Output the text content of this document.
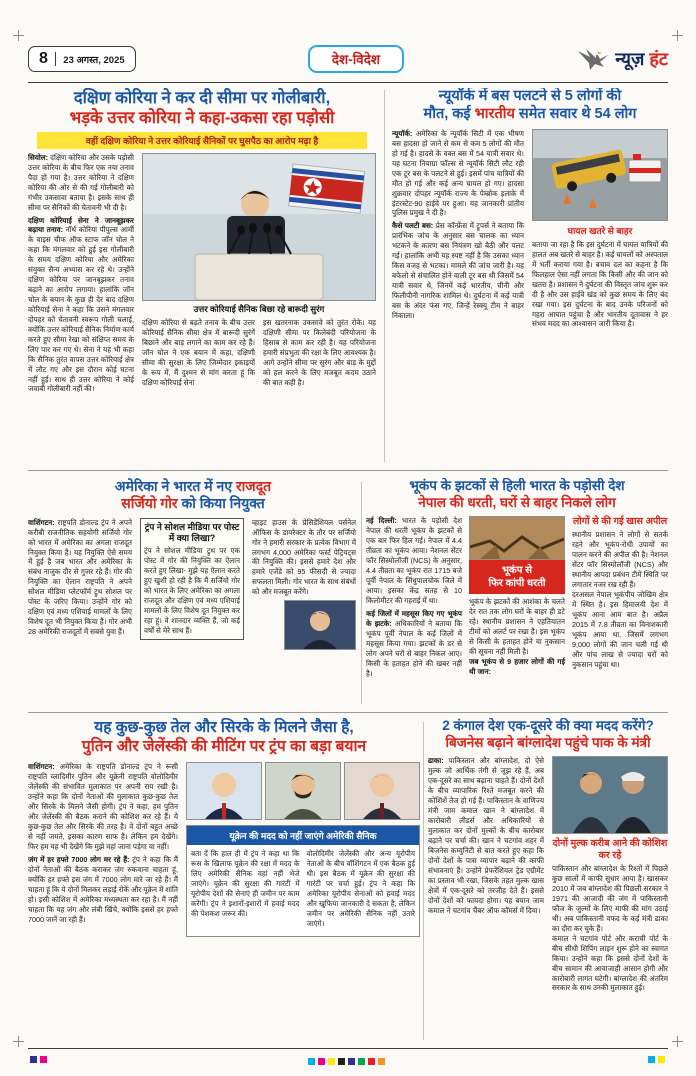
8 23 अगस्त, 2025	देश-विदेश	न्यूज़ हंट
दक्षिण कोरिया ने कर दी सीमा पर गोलीबारी,
भड़के उत्तर कोरिया ने कहा-उकसा रहा पड़ोसी
वहीं दक्षिण कोरिया ने उत्तर कोरियाई सैनिकों पर घुसपैठ का आरोप मढ़ा है

सियोल: दक्षिण कोरिया और उसके पड़ोसी उत्तर कोरिया के बीच फिर एक नया तनाव पैदा हो गया है। उत्तर कोरिया ने दक्षिण कोरिया की ओर से की गई गोलीबारी को गंभीर उकसावा बताया है। इसके साथ ही सीमा पर सैनिकों की चेतावनी भी दी है।

दक्षिण कोरियाई सेना ने जानबूझकर बढ़ाया तनाव: नॉर्थ कोरिया पीपुल्स आर्मी के वाइस चीफ ऑफ स्टाफ जॉन चोल ने कहा कि मंगलवार को हुई इस गोलीबारी के समय दक्षिण कोरिया और अमेरिका संयुक्त सैन्य अभ्यास कर रहे थे। उन्होंने दक्षिण कोरिया पर जानबूझकर तनाव बढ़ाने का आरोप लगाया। हालांकि जॉन चोल के बयान के कुछ ही देर बाद दक्षिण कोरियाई सेना ने कहा कि उसने मंगलवार दोपहर को चेतावनी स्वरूप गोली चलाई, क्योंकि उत्तर कोरियाई सैनिक निर्माण कार्य करते हुए सीमा रेखा को संक्षिप्त समय के लिए पार कर गए थे। सेना ने यह भी कहा कि सैनिक तुरंत वापस उत्तर कोरियाई क्षेत्र में लौट गए और इस दौरान कोई घटना नहीं हुई। साथ ही उत्तर कोरिया ने कोई जवाबी गोलीबारी नहीं की।

उत्तर कोरियाई सैनिक बिछा रहे बारूदी सुरंग

दक्षिण कोरिया से बढ़ते तनाव के बीच उत्तर कोरियाई सैनिक सीमा क्षेत्र में बारूदी सुरंगें बिछाने और बाड़ लगाने का काम कर रहे हैं। जॉन चोल ने एक बयान में कहा, दक्षिणी सीमा की सुरक्षा के लिए जिम्मेदार इकाइयों के रूप में, मैं दुश्मन से मांग करता हूं कि दक्षिण कोरियाई सेना

इस खतरनाक उकसावे को तुरंत रोके। यह दक्षिणी सीमा पर किलेबंदी परियोजना के हिसाब से काम कर रही है। यह परियोजना हमारी संप्रभुता की रक्षा के लिए आवश्यक है। आगे उन्होंने सीमा पर सुरंग और बाड़ के मुद्दों को हल करने के लिए मजबूत कदम उठाने की बात कही है।

न्यूयॉर्क में बस पलटने से 5 लोगों की
मौत, कई भारतीय समेत सवार थे 54 लोग

न्यूयॉर्क: अमेरिका के न्यूयॉर्क सिटी में एक भीषण बस हादसा हो जाने से कम से कम 5 लोगों की मौत हो गई है। हादसे के वक्त बस में 54 यात्री सवार थे। यह घटना नियाग्रा फॉल्स से न्यूयॉर्क सिटी लौट रही एक टूर बस के पलटने से हुई। इसमें पांच यात्रियों की मौत हो गई और कई अन्य घायल हो गए। हादसा शुक्रवार दोपहर न्यूयॉर्क राज्य के पेम्ब्रोक इलाके में इंटरस्टेट-90 हाईवे पर हुआ। यह जानकारी प्रांतीय पुलिस प्रमुख ने दी है।

कैसे पलटी बस: प्रेस कॉन्फ्रेंस में ट्रूपर्स ने बताया कि प्रारंभिक जांच के अनुसार बस चालक का ध्यान भटकने के कारण बस नियंत्रण खो बैठी और पलट गई। हालांकि अभी यह स्पष्ट नहीं है कि उसका ध्यान किस वजह से भटका। मामले की जांच जारी है। यह बफेलो से संचालित होने वाली टूर बस थी जिसमें 54 यात्री सवार थे, जिनमें कई भारतीय, चीनी और फिलीपीनी नागरिक शामिल थे। दुर्घटना में कई यात्री बस के अंदर फंस गए, जिन्हें रेस्क्यू टीम ने बाहर निकाला।

घायल खतरे से बाहर

बताया जा रहा है कि इस दुर्घटना में घायल यात्रियों की हालत अब खतरे से बाहर है। कई घायलों को अस्पताल में भर्ती कराया गया है। बचाव दल का कहना है कि फिलहाल ऐसा नहीं लगता कि किसी और की जान को खतरा है। प्रशासन ने दुर्घटना की विस्तृत जांच शुरू कर दी है और उस हाईवे खंड को कुछ समय के लिए बंद रखा गया। इस दुर्घटना के बाद उनके परिजनों को गहरा आघात पहुंचा है और भारतीय दूतावास ने हर संभव मदद का आश्वासन जारी किया है।

अमेरिका ने भारत में नए राजदूत
सर्जियो गोर को किया नियुक्त

वाशिंगटन: राष्ट्रपति डोनाल्ड ट्रंप ने अपने करीबी राजनीतिक सहयोगी सर्जियो गोर को भारत में अमेरिका का अगला राजदूत नियुक्त किया है। यह नियुक्ति ऐसे समय में हुई है जब भारत और अमेरिका के संबंध नाजुक दौर से गुजर रहे हैं। गोर की नियुक्ति का ऐलान राष्ट्रपति ने अपने सोशल मीडिया प्लेटफॉर्म ट्रुथ सोशल पर पोस्ट के जरिए किया। उन्होंने गोर को दक्षिण एवं मध्य एशियाई मामलों के लिए विशेष दूत भी नियुक्त किया है। गोर अभी 28 अमेरिकी राजदूतों में सबसे युवा हैं।

ट्रंप ने सोशल मीडिया पर पोस्ट में क्या लिखा?

ट्रंप ने सोशल मीडिया ट्रुथ पर एक पोस्ट में गोर की नियुक्ति का ऐलान करते हुए लिखा- मुझे यह ऐलान करते हुए खुशी हो रही है कि मैं सर्जियो गोर को भारत के लिए अमेरिका का अगला राजदूत और दक्षिण एवं मध्य एशियाई मामलों के लिए विशेष दूत नियुक्त कर रहा हूं। वे शानदार व्यक्ति हैं, जो कई वर्षों से मेरे साथ हैं।

व्हाइट हाउस के प्रेसिडेंशियल पर्सनेल ऑफिस के डायरेक्टर के तौर पर सर्जियो गोर ने हमारी सरकार के प्रत्येक विभाग में लगभग 4,000 अमेरिका फर्स्ट पेट्रियट्स की नियुक्ति की। इससे हमारे देश और हमारे एजेंडे को 95 फीसदी से ज्यादा सफलता मिली। गोर भारत के साथ संबंधों को और मजबूत करेंगे।

भूकंप के झटकों से हिली भारत के पड़ोसी देश
नेपाल की धरती, घरों से बाहर निकले लोग

नई दिल्ली: भारत के पड़ोसी देश नेपाल की धरती भूकंप के झटकों से एक बार फिर हिल गई। नेपाल में 4.4 तीव्रता का भूकंप आया। नेशनल सेंटर फॉर सिस्मोलॉजी (NCS) के अनुसार, 4.4 तीव्रता का भूकंप रात 1715 बजे पूर्वी नेपाल के सिंधुपालचोक जिले में आया। इसका केंद्र सतह से 10 किलोमीटर की गहराई में था।

कई जिलों में महसूस किए गए भूकंप के झटके: अधिकारियों ने बताया कि भूकंप पूर्वी नेपाल के कई जिलों में महसूस किया गया। झटकों के डर से लोग अपने घरों से बाहर निकल आए। किसी के हताहत होने की खबर नहीं है।

भूकंप से
फिर कांपी धरती

भूकंप के झटकों की आशंका के चलते देर रात तक लोग घरों के बाहर ही डटे रहे। स्थानीय प्रशासन ने एहतियातन टीमों को अलर्ट पर रखा है। इस भूकंप से किसी के हताहत होने या नुकसान की सूचना नहीं मिली है।

जब भूकंप से 9 हजार लोगों की गई थी जान:

लोगों से की गई खास अपील

स्थानीय प्रशासन ने लोगों से सतर्क रहने और भूकंप-रोधी उपायों का पालन करने की अपील की है। नेशनल सेंटर फॉर सिस्मोलॉजी (NCS) और स्थानीय आपदा प्रबंधन टीमें स्थिति पर लगातार नजर रख रही हैं।

दरअसल नेपाल भूकंपीय जोखिम क्षेत्र में स्थित है। इस हिमालयी देश में भूकंप आना आम बात है। अप्रैल 2015 में 7.8 तीव्रता का विनाशकारी भूकंप आया था, जिसमें लगभग 9,000 लोगों की जान चली गई थी और पांच लाख से ज्यादा घरों को नुकसान पहुंचा था।

यह कुछ-कुछ तेल और सिरके के मिलने जैसा है,
पुतिन और जेलेंस्की की मीटिंग पर ट्रंप का बड़ा बयान

वाशिंगटन: अमेरिका के राष्ट्रपति डोनाल्ड ट्रंप ने रूसी राष्ट्रपति व्लादिमीर पुतिन और यूक्रेनी राष्ट्रपति वोलोदिमीर जेलेंस्की की संभावित मुलाकात पर अपनी राय रखी है। उन्होंने कहा कि दोनों नेताओं की मुलाकात कुछ-कुछ तेल और सिरके के मिलने जैसी होगी। ट्रंप ने कहा, हम पुतिन और जेलेंस्की की बैठक कराने की कोशिश कर रहे हैं। ये कुछ-कुछ तेल और सिरके की तरह है। वे दोनों बहुत अच्छे से नहीं जमते, इसका कारण साफ है। लेकिन हम देखेंगे। फिर हम यह भी देखेंगे कि मुझे वहां जाना पड़ेगा या नहीं।

जंग में हर हफ्ते 7000 लोग मर रहे हैं: ट्रंप ने कहा कि मैं दोनों नेताओं की बैठक कराकर जंग रुकवाना चाहता हूं, क्योंकि हर हफ्ते इस जंग में 7000 लोग मारे जा रहे हैं। मैं चाहता हूं कि ये दोनों मिलकर लड़ाई रोकें और यूक्रेन में शांति हो। इसी कोशिश में अमेरिका मध्यस्थता कर रहा है। मैं नहीं चाहता कि यह जंग और लंबी खिंचे, क्योंकि इससे हर हफ्ते 7000 जानें जा रही हैं।

यूक्रेन की मदद को नहीं जाएंगे अमेरिकी सैनिक

बता दें कि हाल ही में ट्रंप ने कहा था कि रूस के खिलाफ यूक्रेन की रक्षा में मदद के लिए अमेरिकी सैनिक वहां नहीं भेजे जाएंगे। यूक्रेन की सुरक्षा की गारंटी में यूरोपीय देशों की सेनाएं ही जमीन पर काम करेंगी। ट्रंप ने इशारों-इशारों में हवाई मदद की पेशकश जरूर की।

वोलोदिमीर जेलेंस्की और अन्य यूरोपीय नेताओं के बीच वॉशिंगटन में एक बैठक हुई थी। इस बैठक में यूक्रेन की सुरक्षा की गारंटी पर चर्चा हुई। ट्रंप ने कहा कि अमेरिका यूरोपीय सेनाओं को हवाई मदद और खुफिया जानकारी दे सकता है, लेकिन जमीन पर अमेरिकी सैनिक नहीं उतारे जाएंगे।

2 कंगाल देश एक-दूसरे की क्या मदद करेंगे?
बिजनेस बढ़ाने बांग्लादेश पहुंचे पाक के मंत्री

ढाका: पाकिस्तान और बांग्लादेश, दो ऐसे मुल्क जो आर्थिक तंगी से जूझ रहे हैं, अब एक-दूसरे का साथ बढ़ाना चाहते हैं। दोनों देशों के बीच व्यापारिक रिश्ते मजबूत करने की कोशिशें तेज हो गई हैं। पाकिस्तान के वाणिज्य मंत्री जाम कमाल खान ने बांग्लादेश में कारोबारी लीडर्स और अधिकारियों से मुलाकात कर दोनों मुल्कों के बीच कारोबार बढ़ाने पर चर्चा की। खान ने चटगांव शहर में बिजनेस कम्युनिटी से बात करते हुए कहा कि दोनों देशों के पास व्यापार बढ़ाने की काफी संभावनाएं हैं। उन्होंने प्रेफरेंशियल ट्रेड एग्रीमेंट का प्रस्ताव भी रखा, जिसके तहत मुल्क खास क्षेत्रों में एक-दूसरे को तरजीह देते हैं। इससे दोनों देशों को फायदा होगा। यह बयान जाम कमाल ने चटगांव चैंबर ऑफ कॉमर्स में दिया।

दोनों मुल्क करीब आने की कोशिश कर रहे

पाकिस्तान और बांग्लादेश के रिश्तों में पिछले कुछ सालों में काफी सुधार आया है। खासकर 2010 में जब बांग्लादेश की पिछली सरकार ने 1971 की आजादी की जंग में पाकिस्तानी फौज के जुल्मों के लिए माफी की मांग उठाई थी। अब पाकिस्तानी वफद के कई मंत्री ढाका का दौरा कर चुके हैं।

कमाल ने चटगांव पोर्ट और कराची पोर्ट के बीच सीधी शिपिंग लाइन शुरू होने का स्वागत किया। उन्होंने कहा कि इससे दोनों देशों के बीच सामान की आवाजाही आसान होगी और कारोबारी लागत घटेगी। बांग्लादेश की अंतरिम सरकार के साथ उनकी मुलाकात हुई।
